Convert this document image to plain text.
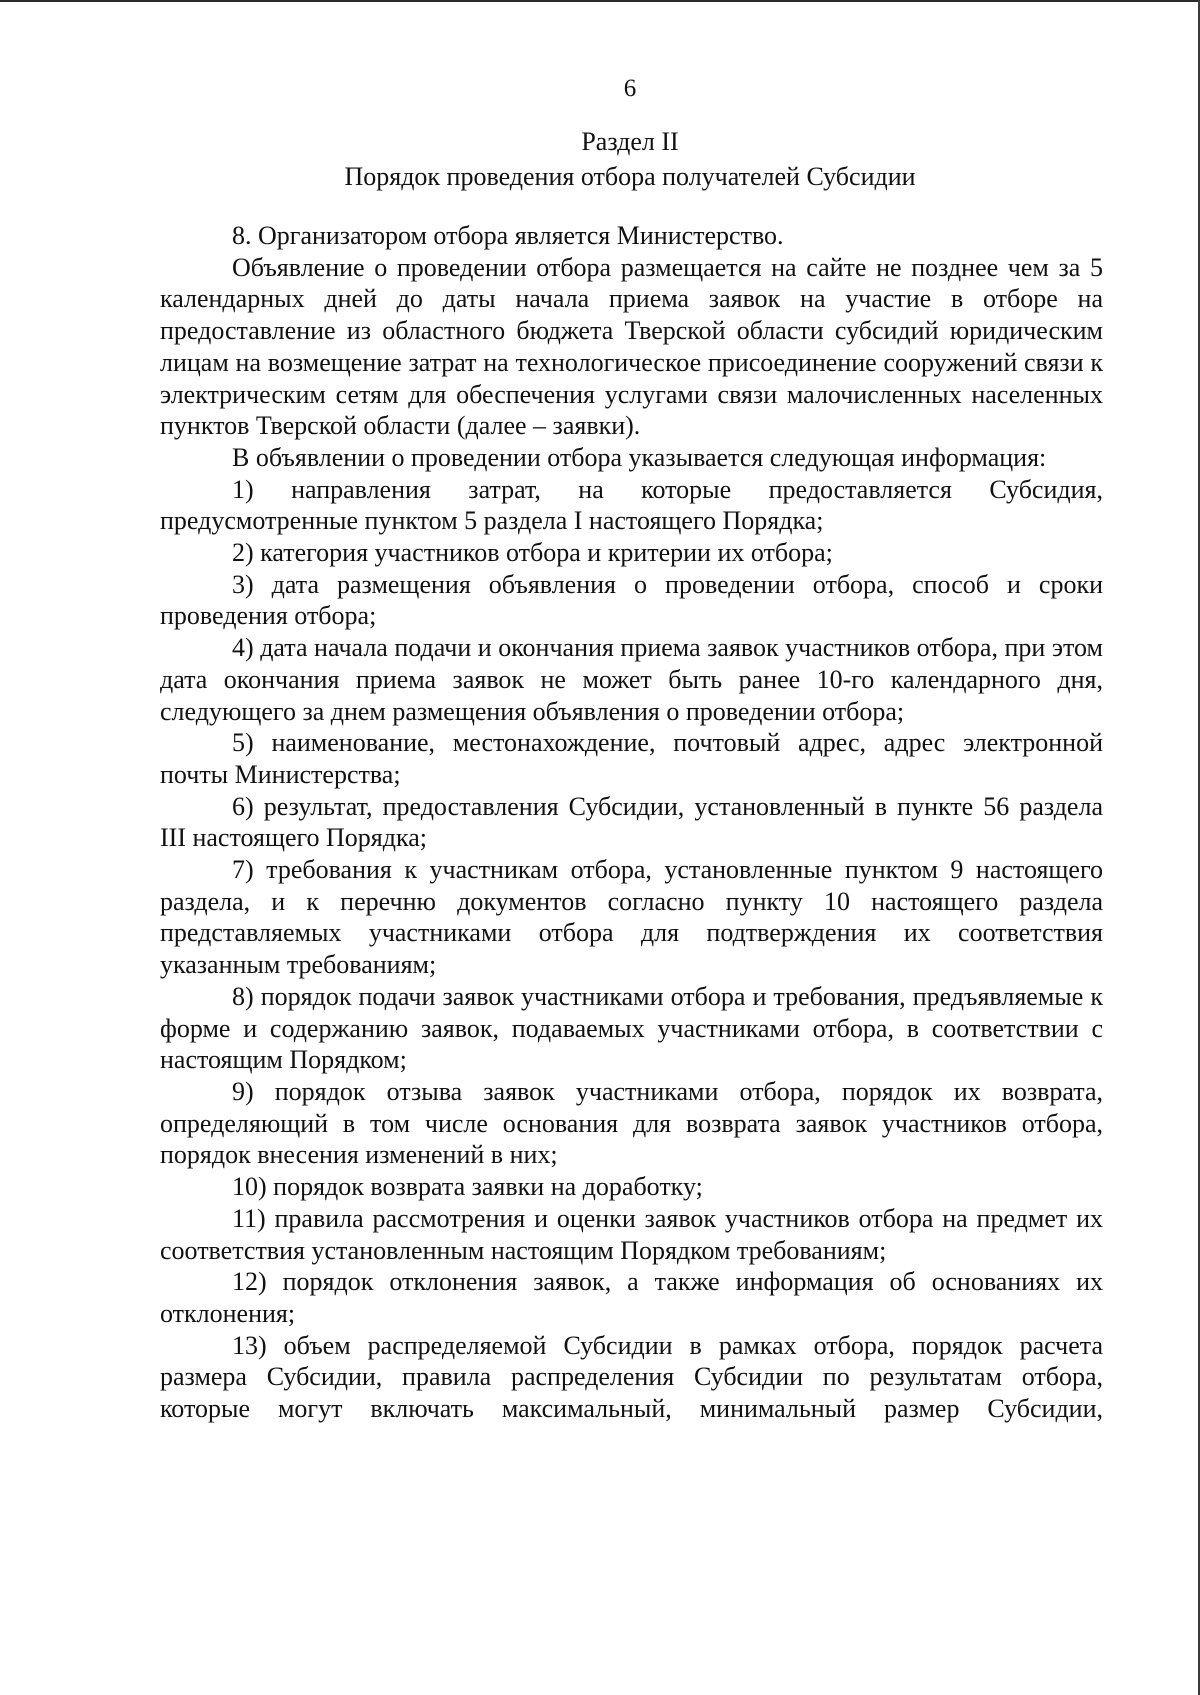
6
Раздел II
Порядок проведения отбора получателей Субсидии

8. Организатором отбора является Министерство.

Объявление о проведении отбора размещается на сайте не позднее чем за 5 календарных дней до даты начала приема заявок на участие в отборе на предоставление из областного бюджета Тверской области субсидий юридическим лицам на возмещение затрат на технологическое присоединение сооружений связи к электрическим сетям для обеспечения услугами связи малочисленных населенных пунктов Тверской области (далее – заявки).

В объявлении о проведении отбора указывается следующая информация:

1) направления затрат, на которые предоставляется Субсидия, предусмотренные пунктом 5 раздела I настоящего Порядка;

2) категория участников отбора и критерии их отбора;

3) дата размещения объявления о проведении отбора, способ и сроки проведения отбора;

4) дата начала подачи и окончания приема заявок участников отбора, при этом дата окончания приема заявок не может быть ранее 10-го календарного дня, следующего за днем размещения объявления о проведении отбора;

5) наименование, местонахождение, почтовый адрес, адрес электронной почты Министерства;

6) результат, предоставления Субсидии, установленный в пункте 56 раздела III настоящего Порядка;

7) требования к участникам отбора, установленные пунктом 9 настоящего раздела, и к перечню документов согласно пункту 10 настоящего раздела представляемых участниками отбора для подтверждения их соответствия указанным требованиям;

8) порядок подачи заявок участниками отбора и требования, предъявляемые к форме и содержанию заявок, подаваемых участниками отбора, в соответствии с настоящим Порядком;

9) порядок отзыва заявок участниками отбора, порядок их возврата, определяющий в том числе основания для возврата заявок участников отбора, порядок внесения изменений в них;

10) порядок возврата заявки на доработку;

11) правила рассмотрения и оценки заявок участников отбора на предмет их соответствия установленным настоящим Порядком требованиям;

12) порядок отклонения заявок, а также информация об основаниях их отклонения;

13) объем распределяемой Субсидии в рамках отбора, порядок расчета размера Субсидии, правила распределения Субсидии по результатам отбора, которые могут включать максимальный, минимальный размер Субсидии,
